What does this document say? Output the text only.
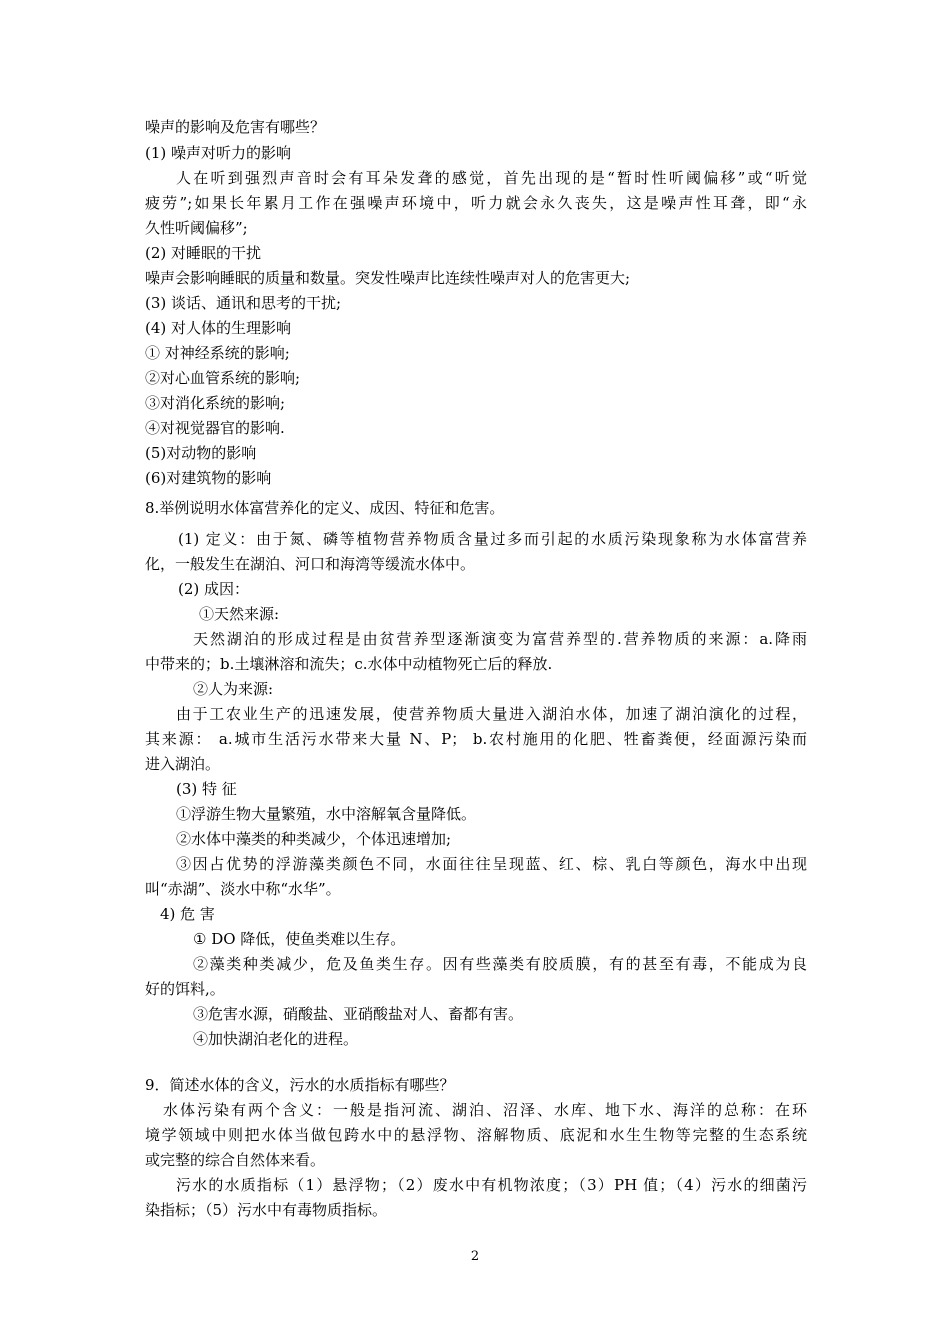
噪声的影响及危害有哪些？
(1) 噪声对听力的影响
人在听到强烈声音时会有耳朵发聋的感觉，首先出现的是“暂时性听阈偏移”或“听觉
疲劳”;如果长年累月工作在强噪声环境中，听力就会永久丧失，这是噪声性耳聋，即“永
久性听阈偏移”;
(2) 对睡眠的干扰
噪声会影响睡眠的质量和数量。突发性噪声比连续性噪声对人的危害更大;
(3) 谈话、通讯和思考的干扰;
(4) 对人体的生理影响
① 对神经系统的影响;
②对心血管系统的影响;
③对消化系统的影响;
④对视觉器官的影响.
(5)对动物的影响
(6)对建筑物的影响
8.举例说明水体富营养化的定义、成因、特征和危害。
(1) 定义：由于氮、磷等植物营养物质含量过多而引起的水质污染现象称为水体富营养
化，一般发生在湖泊、河口和海湾等缓流水体中。
(2) 成因：
①天然来源:
天然湖泊的形成过程是由贫营养型逐渐演变为富营养型的.营养物质的来源：a.降雨
中带来的；b.土壤淋溶和流失；c.水体中动植物死亡后的释放.
②人为来源:
由于工农业生产的迅速发展，使营养物质大量进入湖泊水体，加速了湖泊演化的过程，
其来源： a.城市生活污水带来大量 N、P； b.农村施用的化肥、牲畜粪便，经面源污染而
进入湖泊。
(3) 特 征
①浮游生物大量繁殖，水中溶解氧含量降低。
②水体中藻类的种类减少，个体迅速增加;
③因占优势的浮游藻类颜色不同，水面往往呈现蓝、红、棕、乳白等颜色，海水中出现
叫“赤湖”、淡水中称“水华”。
4) 危 害
① DO 降低，使鱼类难以生存。
②藻类种类减少，危及鱼类生存。因有些藻类有胶质膜，有的甚至有毒，不能成为良
好的饵料,。
③危害水源，硝酸盐、亚硝酸盐对人、畜都有害。
④加快湖泊老化的进程。
9．简述水体的含义，污水的水质指标有哪些？
水体污染有两个含义：一般是指河流、湖泊、沼泽、水库、地下水、海洋的总称：在环
境学领域中则把水体当做包跨水中的悬浮物、溶解物质、底泥和水生生物等完整的生态系统
或完整的综合自然体来看。
污水的水质指标（1）悬浮物；（2）废水中有机物浓度；（3）PH 值；（4）污水的细菌污
染指标；（5）污水中有毒物质指标。
2
